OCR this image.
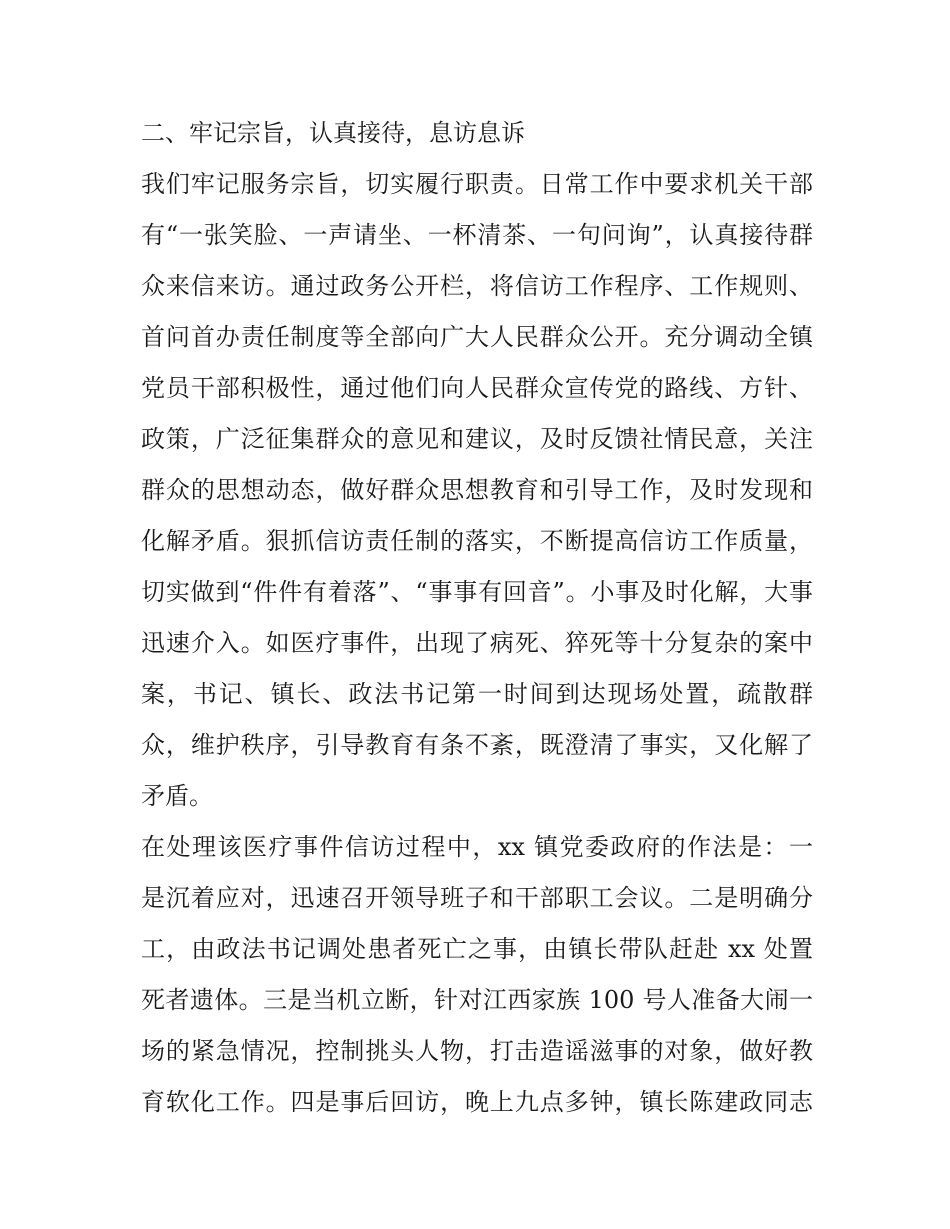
二、牢记宗旨，认真接待，息访息诉
我们牢记服务宗旨，切实履行职责。日常工作中要求机关干部
有“一张笑脸、一声请坐、一杯清茶、一句问询”，认真接待群
众来信来访。通过政务公开栏，将信访工作程序、工作规则、
首问首办责任制度等全部向广大人民群众公开。充分调动全镇
党员干部积极性，通过他们向人民群众宣传党的路线、方针、
政策，广泛征集群众的意见和建议，及时反馈社情民意，关注
群众的思想动态，做好群众思想教育和引导工作，及时发现和
化解矛盾。狠抓信访责任制的落实，不断提高信访工作质量，
切实做到“件件有着落”、“事事有回音”。小事及时化解，大事
迅速介入。如医疗事件，出现了病死、猝死等十分复杂的案中
案，书记、镇长、政法书记第一时间到达现场处置，疏散群
众，维护秩序，引导教育有条不紊，既澄清了事实，又化解了
矛盾。
在处理该医疗事件信访过程中，xx 镇党委政府的作法是：一
是沉着应对，迅速召开领导班子和干部职工会议。二是明确分
工，由政法书记调处患者死亡之事，由镇长带队赶赴 xx 处置
死者遗体。三是当机立断，针对江西家族 100 号人准备大闹一
场的紧急情况，控制挑头人物，打击造谣滋事的对象，做好教
育软化工作。四是事后回访，晚上九点多钟，镇长陈建政同志
